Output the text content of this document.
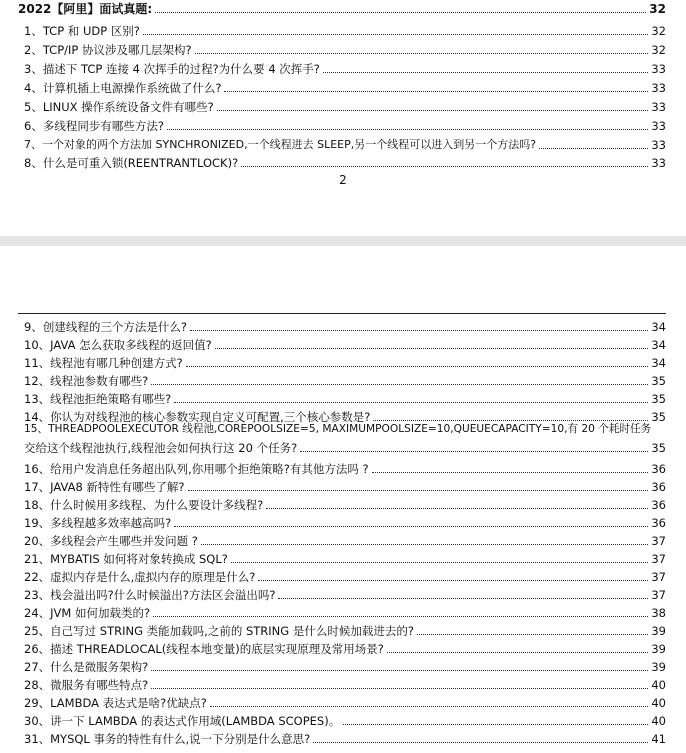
2022【阿里】面试真题:	32
1、TCP 和 UDP 区别?	32
2、TCP/IP 协议涉及哪几层架构?	32
3、描述下 TCP 连接 4 次挥手的过程?为什么要 4 次挥手?	33
4、计算机插上电源操作系统做了什么?	33
5、LINUX 操作系统设备文件有哪些?	33
6、多线程同步有哪些方法?	33
7、一个对象的两个方法加 SYNCHRONIZED,一个线程进去 SLEEP,另一个线程可以进入到另一个方法吗?	33
8、什么是可重入锁(REENTRANTLOCK)?	33
2
9、创建线程的三个方法是什么?	34
10、JAVA 怎么获取多线程的返回值?	34
11、线程池有哪几种创建方式?	34
12、线程池参数有哪些?	35
13、线程池拒绝策略有哪些?	35
14、你认为对线程池的核心参数实现自定义可配置,三个核心参数是?	35
15、THREADPOOLEXECUTOR 线程池,COREPOOLSIZE=5, MAXIMUMPOOLSIZE=10,QUEUECAPACITY=10,有 20 个耗时任务
交给这个线程池执行,线程池会如何执行这 20 个任务?	35
16、给用户发消息任务超出队列,你用哪个拒绝策略?有其他方法吗 ?	36
17、JAVA8 新特性有哪些了解?	36
18、什么时候用多线程、为什么要设计多线程?	36
19、多线程越多效率越高吗?	36
20、多线程会产生哪些并发问题 ?	37
21、MYBATIS 如何将对象转换成 SQL?	37
22、虚拟内存是什么,虚拟内存的原理是什么?	37
23、栈会溢出吗?什么时候溢出?方法区会溢出吗?	37
24、JVM 如何加载类的?	38
25、自己写过 STRING 类能加载吗,之前的 STRING 是什么时候加载进去的?	39
26、描述 THREADLOCAL(线程本地变量)的底层实现原理及常用场景?	39
27、什么是微服务架构?	39
28、微服务有哪些特点?	40
29、LAMBDA 表达式是啥?优缺点?	40
30、讲一下 LAMBDA 的表达式作用域(LAMBDA SCOPES)。	40
31、MYSQL 事务的特性有什么,说一下分别是什么意思?	41
